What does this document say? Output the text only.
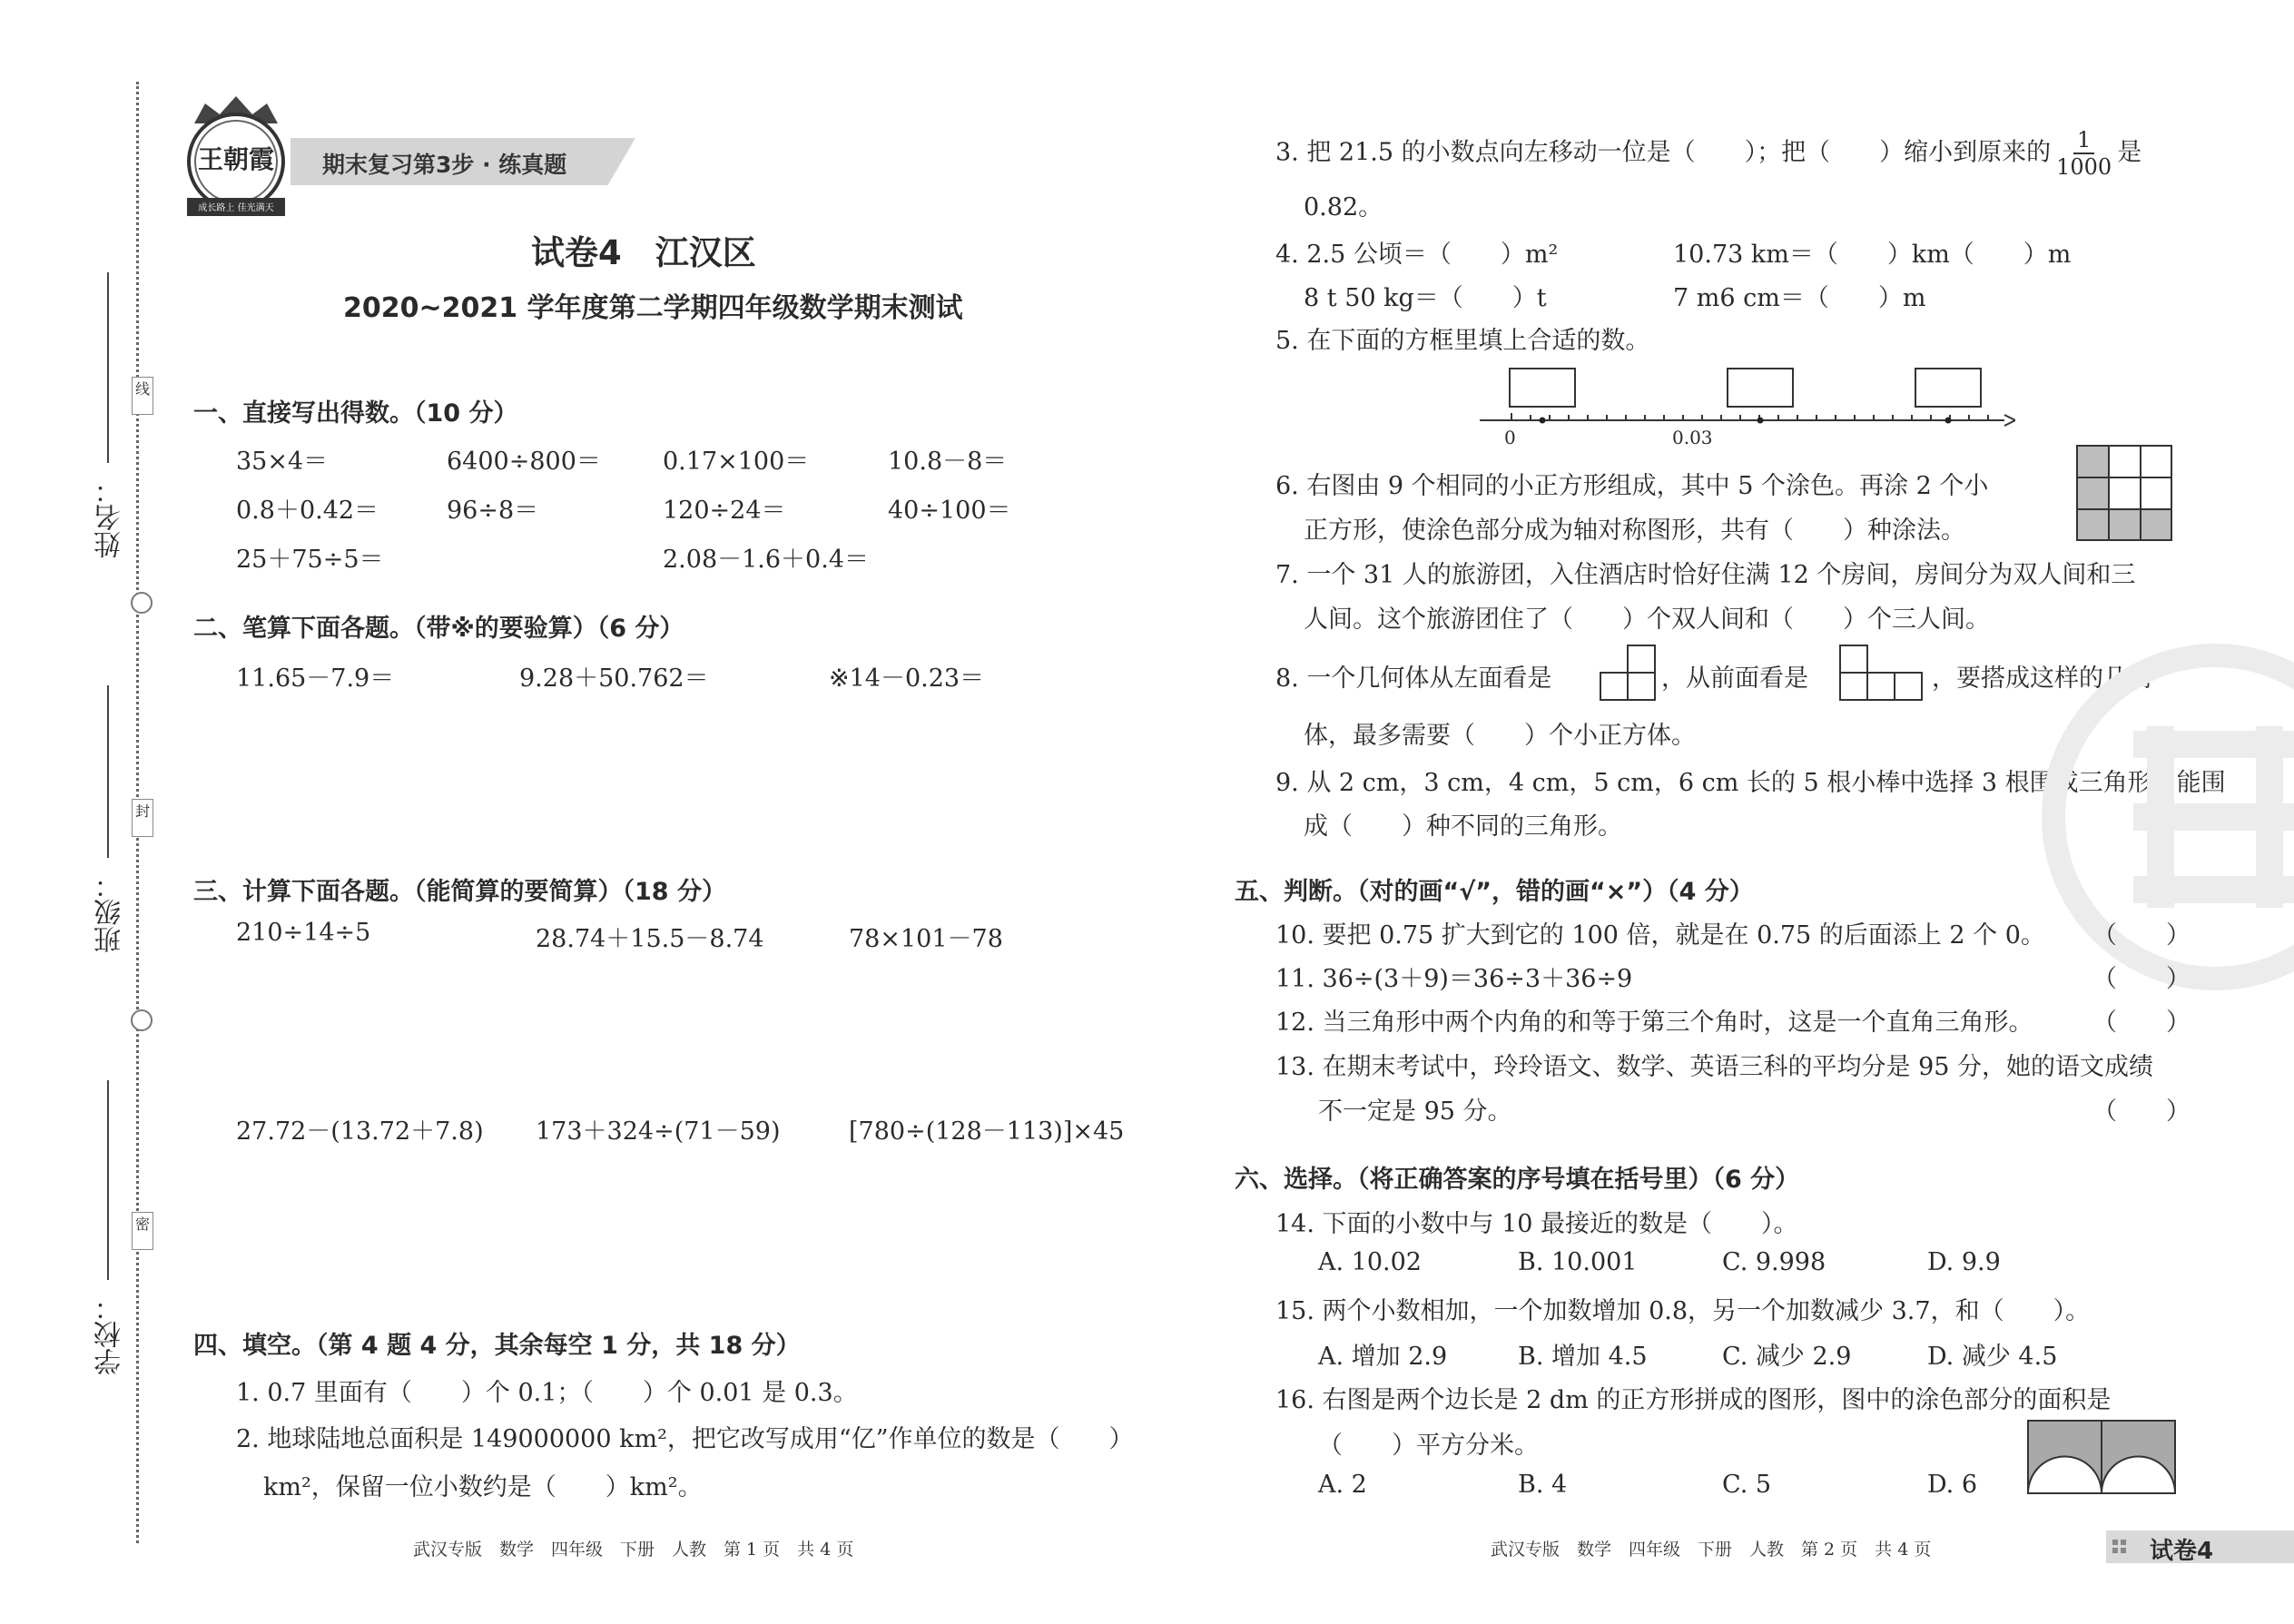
线
封
密
姓名：
班级：
学校：
王朝霞
成长路上 佳光满天
期末复习第3步 · 练真题
试卷4　江汉区
2020~2021 学年度第二学期四年级数学期末测试
一、直接写出得数。（10 分）
35×4＝	6400÷800＝	0.17×100＝	10.8－8＝
0.8＋0.42＝	96÷8＝	120÷24＝	40÷100＝
25＋75÷5＝	2.08－1.6＋0.4＝
二、笔算下面各题。（带※的要验算）（6 分）
11.65－7.9＝	9.28＋50.762＝	※14－0.23＝
三、计算下面各题。（能简算的要简算）（18 分）
210÷14÷5	28.74＋15.5－8.74	78×101－78
27.72－(13.72＋7.8) 173＋324÷(71－59)	[780÷(128－113)]×45
四、填空。（第 4 题 4 分，其余每空 1 分，共 18 分）
1. 0.7 里面有（　　）个 0.1；（　　）个 0.01 是 0.3。
2. 地球陆地总面积是 149000000 km²，把它改写成用“亿”作单位的数是（　　）
km²，保留一位小数约是（　　）km²。
3. 把 21.5 的小数点向左移动一位是（　　）；把（　　）缩小到原来的 $\frac{1}{1000}$ 是
0.82。
4. 2.5 公顷＝（　　）m²	10.73 km＝（　　）km（　　）m
8 t 50 kg＝（　　）t	7 m6 cm＝（　　）m
5. 在下面的方框里填上合适的数。
0	0.03
6. 右图由 9 个相同的小正方形组成，其中 5 个涂色。再涂 2 个小
正方形，使涂色部分成为轴对称图形，共有（　　）种涂法。
7. 一个 31 人的旅游团，入住酒店时恰好住满 12 个房间，房间分为双人间和三
人间。这个旅游团住了（　　）个双人间和（　　）个三人间。
8. 一个几何体从左面看是	，从前面看是	，要搭成这样的几何
体，最多需要（　　）个小正方体。
9. 从 2 cm，3 cm，4 cm，5 cm，6 cm 长的 5 根小棒中选择 3 根围成三角形，能围
成（　　）种不同的三角形。
五、判断。（对的画“√”，错的画“×”）（4 分）
10. 要把 0.75 扩大到它的 100 倍，就是在 0.75 的后面添上 2 个 0。 （　　）
11. 36÷(3＋9)＝36÷3＋36÷9	（　　）
12. 当三角形中两个内角的和等于第三个角时，这是一个直角三角形。 （　　）
13. 在期末考试中，玲玲语文、数学、英语三科的平均分是 95 分，她的语文成绩
不一定是 95 分。	（　　）
六、选择。（将正确答案的序号填在括号里）（6 分）
14. 下面的小数中与 10 最接近的数是（　　）。
A. 10.02	B. 10.001	C. 9.998	D. 9.9
15. 两个小数相加，一个加数增加 0.8，另一个加数减少 3.7，和（　　）。
A. 增加 2.9	B. 增加 4.5	C. 减少 2.9	D. 减少 4.5
16. 右图是两个边长是 2 dm 的正方形拼成的图形，图中的涂色部分的面积是
（　　）平方分米。
A. 2	B. 4	C. 5	D. 6
武汉专版　数学　四年级　下册　人教　第 1 页　共 4 页	武汉专版　数学　四年级　下册　人教　第 2 页　共 4 页	试卷4
